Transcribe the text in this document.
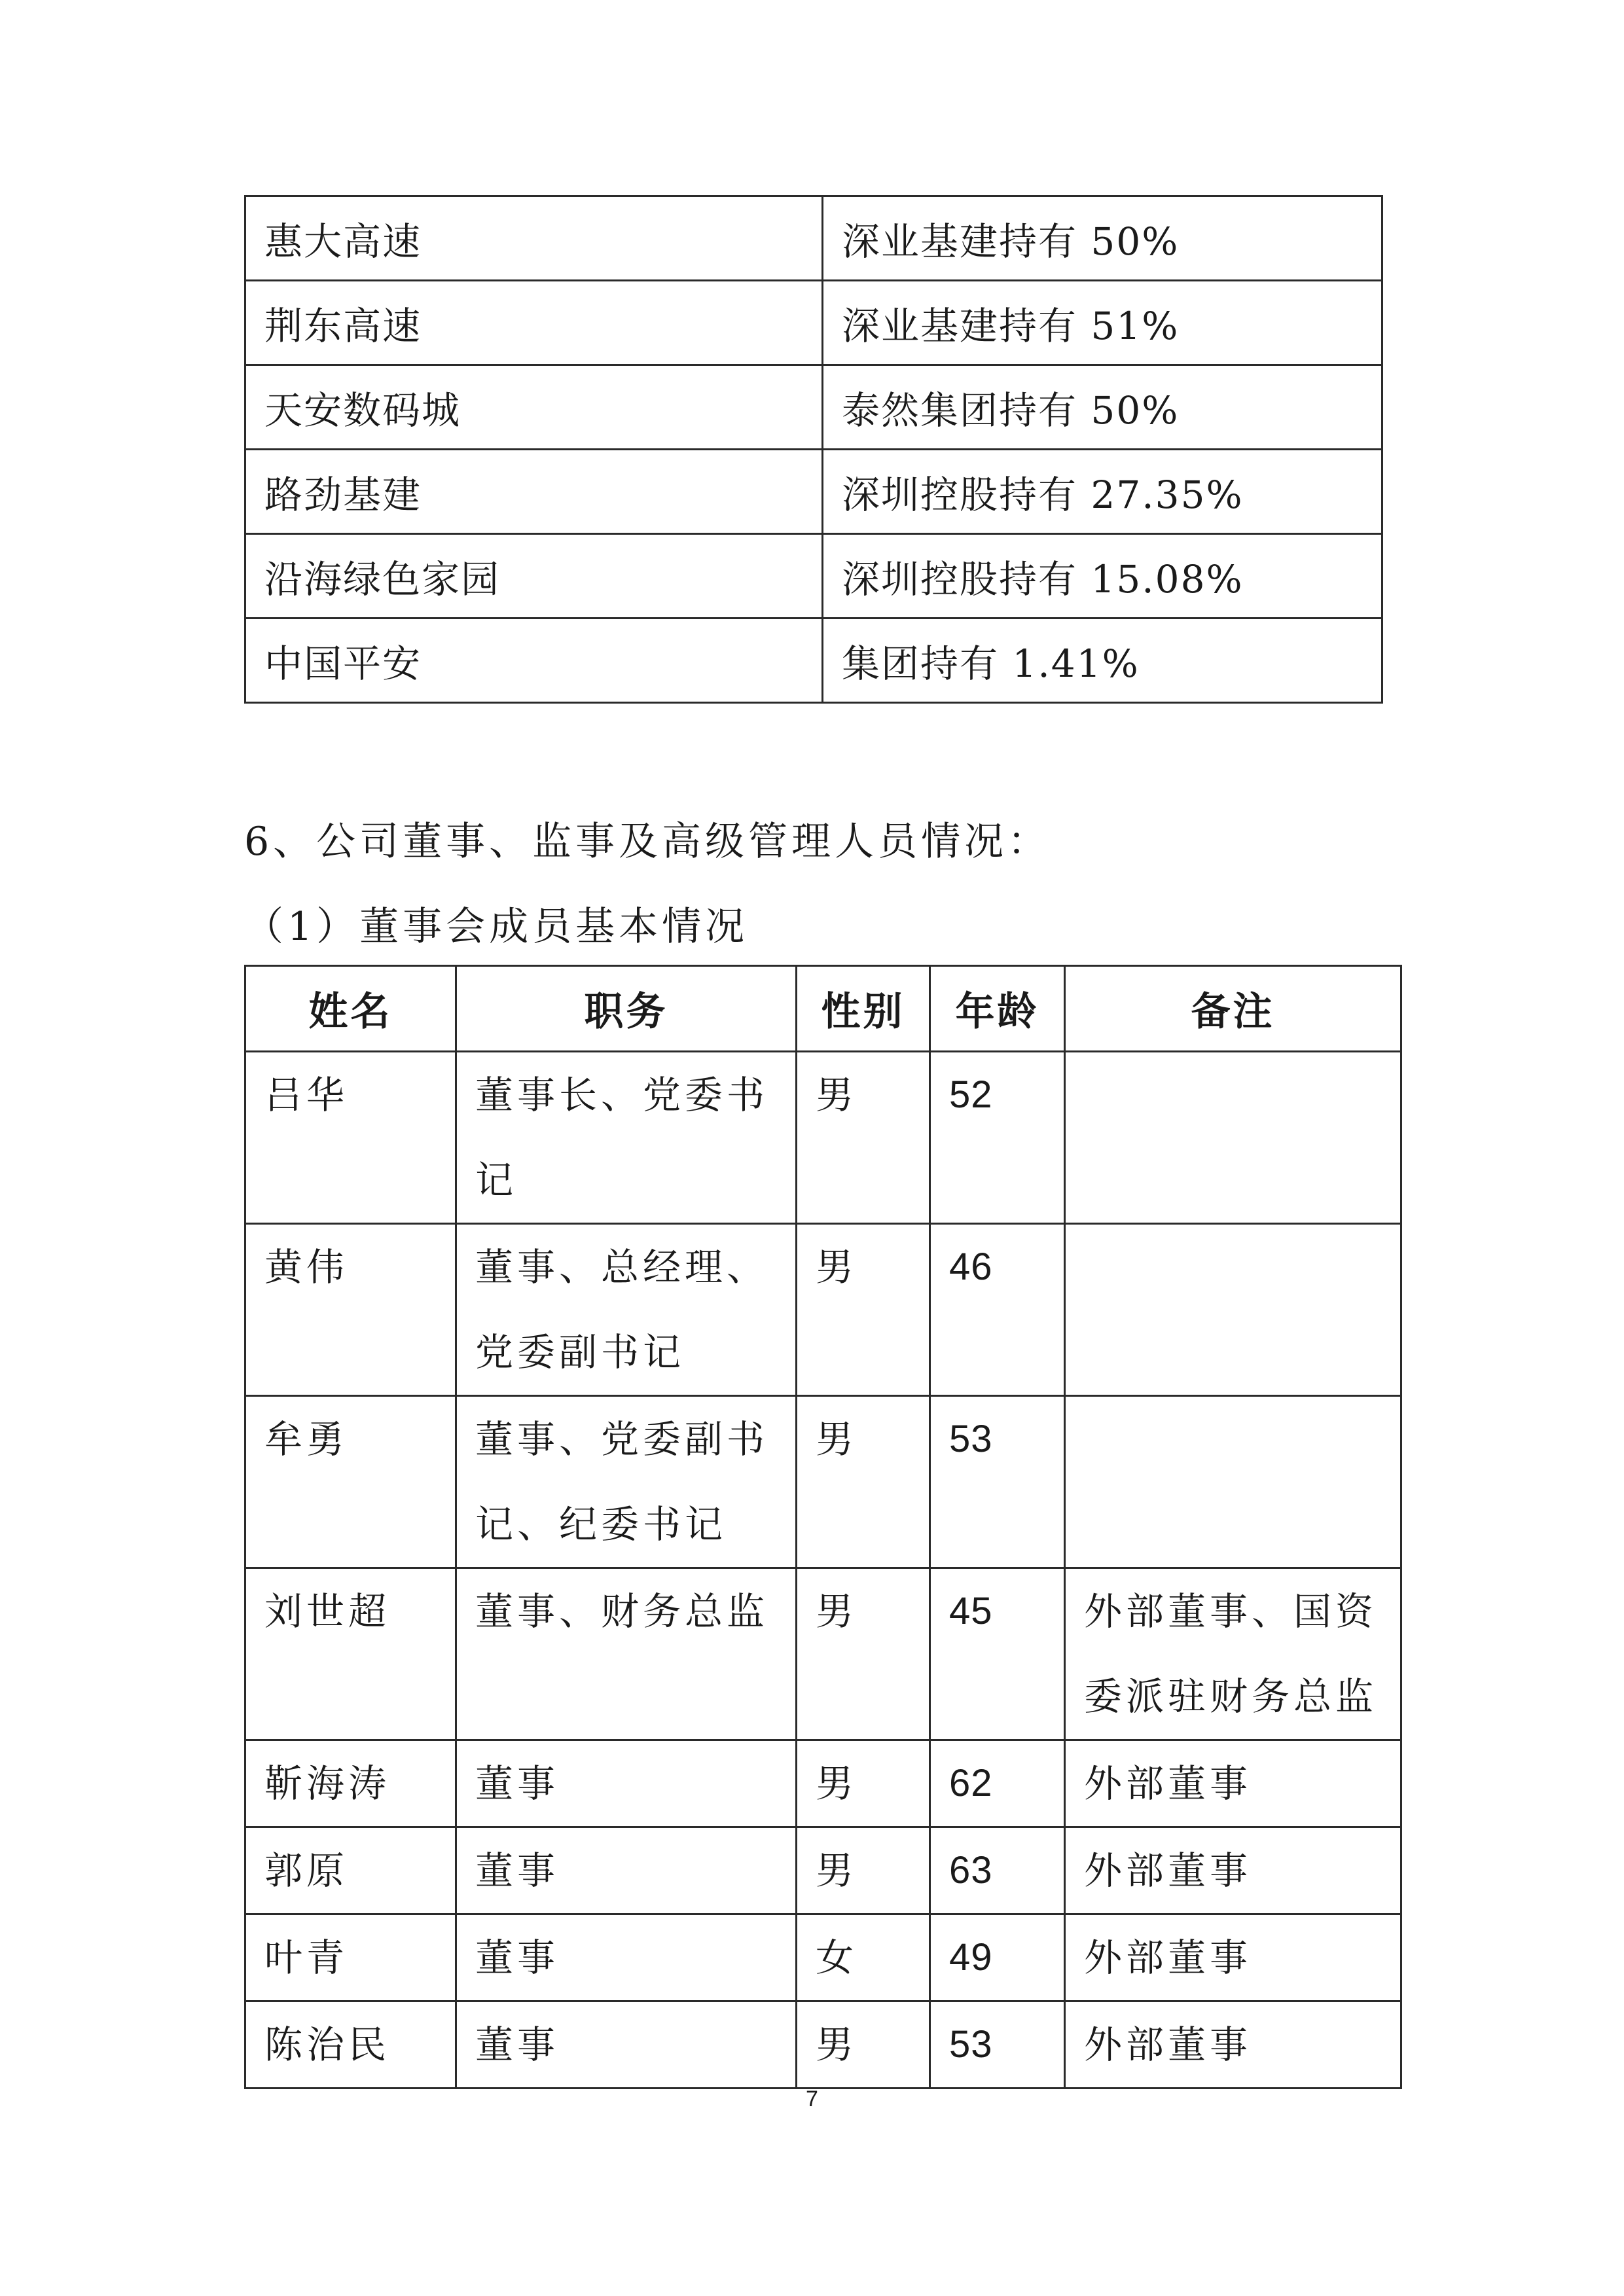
惠大高速	深业基建持有 50%
荆东高速	深业基建持有 51%
天安数码城	泰然集团持有 50%
路劲基建	深圳控股持有 27.35%
沿海绿色家园	深圳控股持有 15.08%
中国平安	集团持有 1.41%
6、公司董事、监事及高级管理人员情况：
（1）董事会成员基本情况
姓名	职务	性别	年龄	备注
吕华	董事长、党委书记	男	52	
黄伟	董事、总经理、党委副书记	男	46	
牟勇	董事、党委副书记、纪委书记	男	53	
刘世超	董事、财务总监	男	45	外部董事、国资委派驻财务总监
靳海涛	董事	男	62	外部董事
郭原	董事	男	63	外部董事
叶青	董事	女	49	外部董事
陈治民	董事	男	53	外部董事
7
